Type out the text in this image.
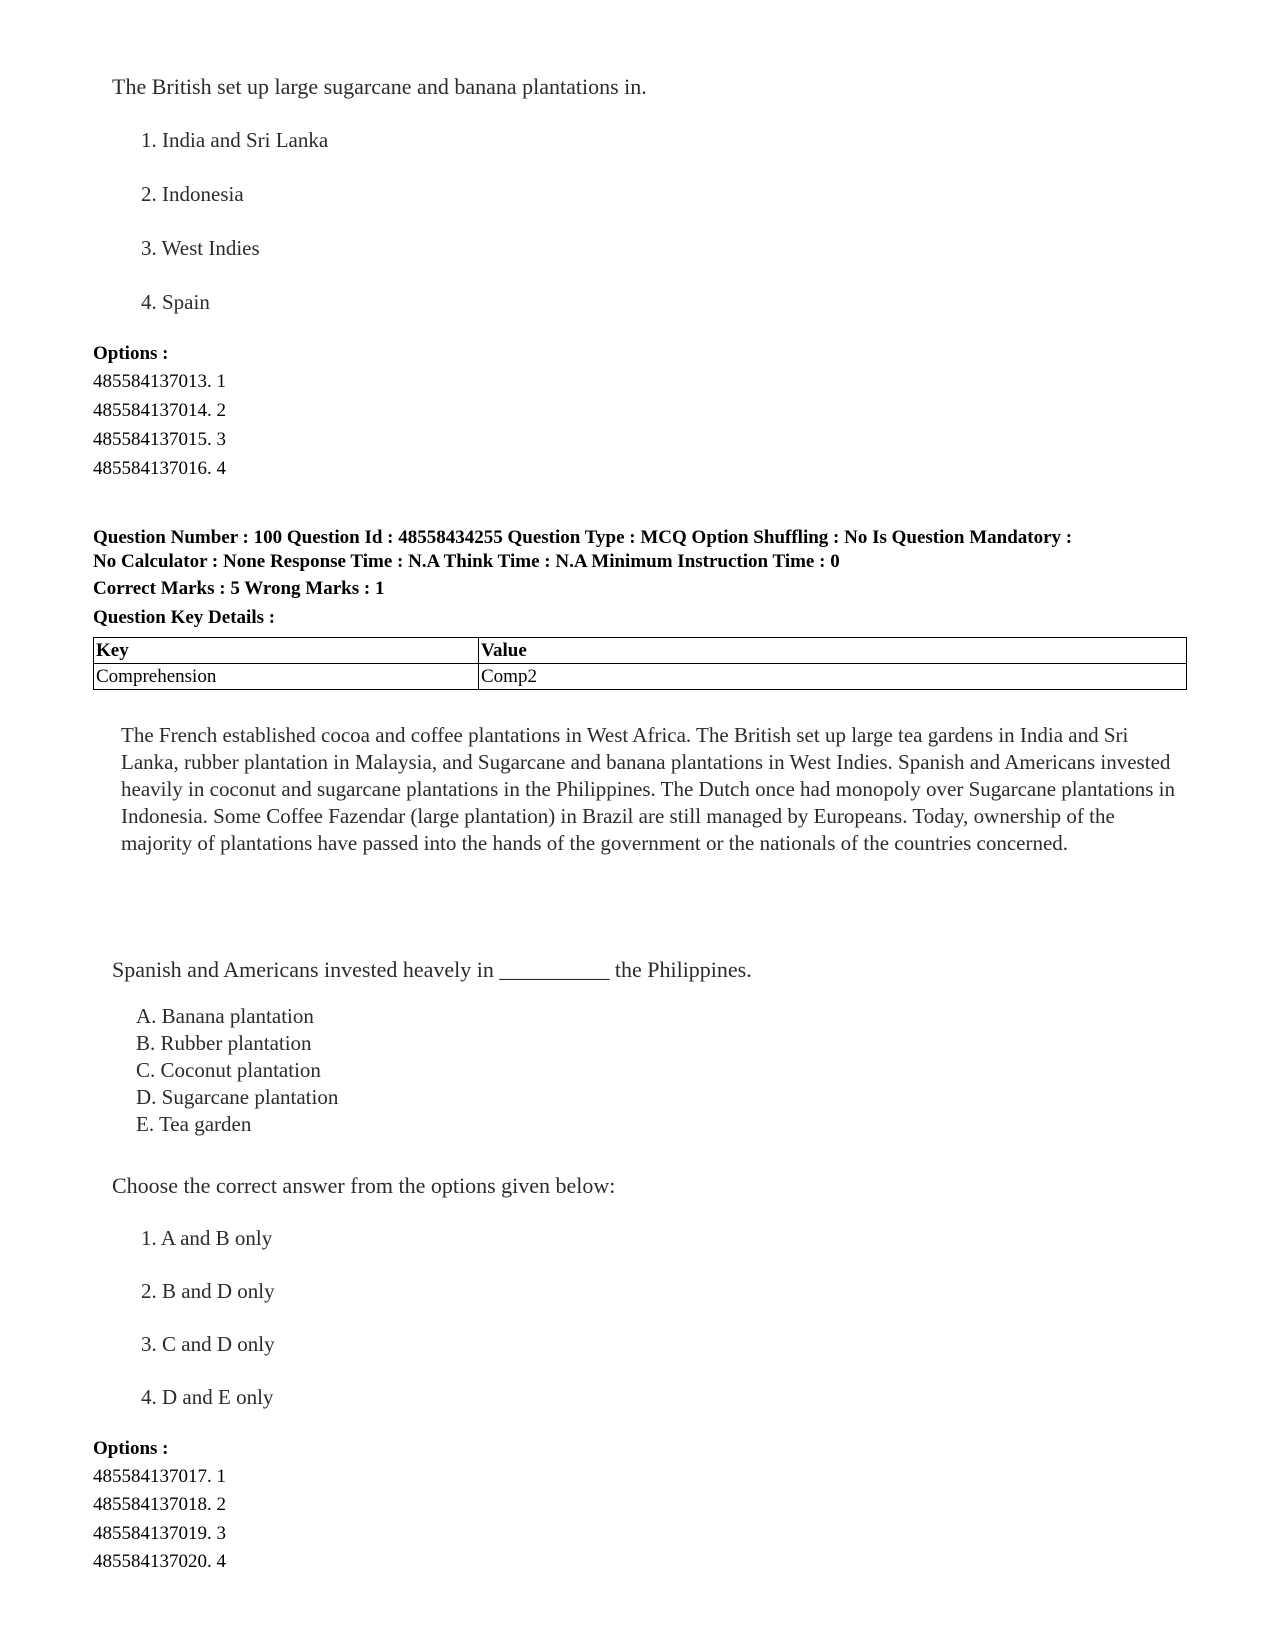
The British set up large sugarcane and banana plantations in.
1. India and Sri Lanka
2. Indonesia
3. West Indies
4. Spain
Options :
485584137013. 1
485584137014. 2
485584137015. 3
485584137016. 4
Question Number : 100 Question Id : 48558434255 Question Type : MCQ Option Shuffling : No Is Question Mandatory :
No Calculator : None Response Time : N.A Think Time : N.A Minimum Instruction Time : 0
Correct Marks : 5 Wrong Marks : 1
Question Key Details :
Key	Value
Comprehension	Comp2
The French established cocoa and coffee plantations in West Africa. The British set up large tea gardens in India and Sri Lanka, rubber plantation in Malaysia, and Sugarcane and banana plantations in West Indies. Spanish and Americans invested heavily in coconut and sugarcane plantations in the Philippines. The Dutch once had monopoly over Sugarcane plantations in Indonesia. Some Coffee Fazendar (large plantation) in Brazil are still managed by Europeans. Today, ownership of the majority of plantations have passed into the hands of the government or the nationals of the countries concerned.
Spanish and Americans invested heavely in __________ the Philippines.
A. Banana plantation
B. Rubber plantation
C. Coconut plantation
D. Sugarcane plantation
E. Tea garden
Choose the correct answer from the options given below:
1. A and B only
2. B and D only
3. C and D only
4. D and E only
Options :
485584137017. 1
485584137018. 2
485584137019. 3
485584137020. 4
